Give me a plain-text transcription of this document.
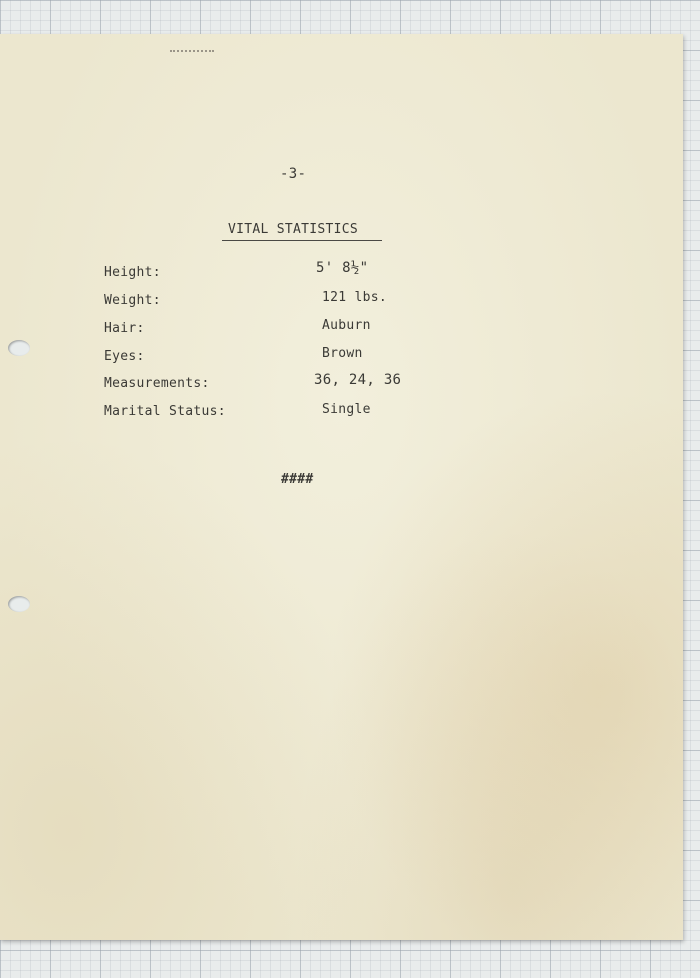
-3-
VITAL STATISTICS
Height:	5' 8½"
Weight:	121 lbs.
Hair:	Auburn
Eyes:	Brown
Measurements:	36, 24, 36
Marital Status:	Single
####
